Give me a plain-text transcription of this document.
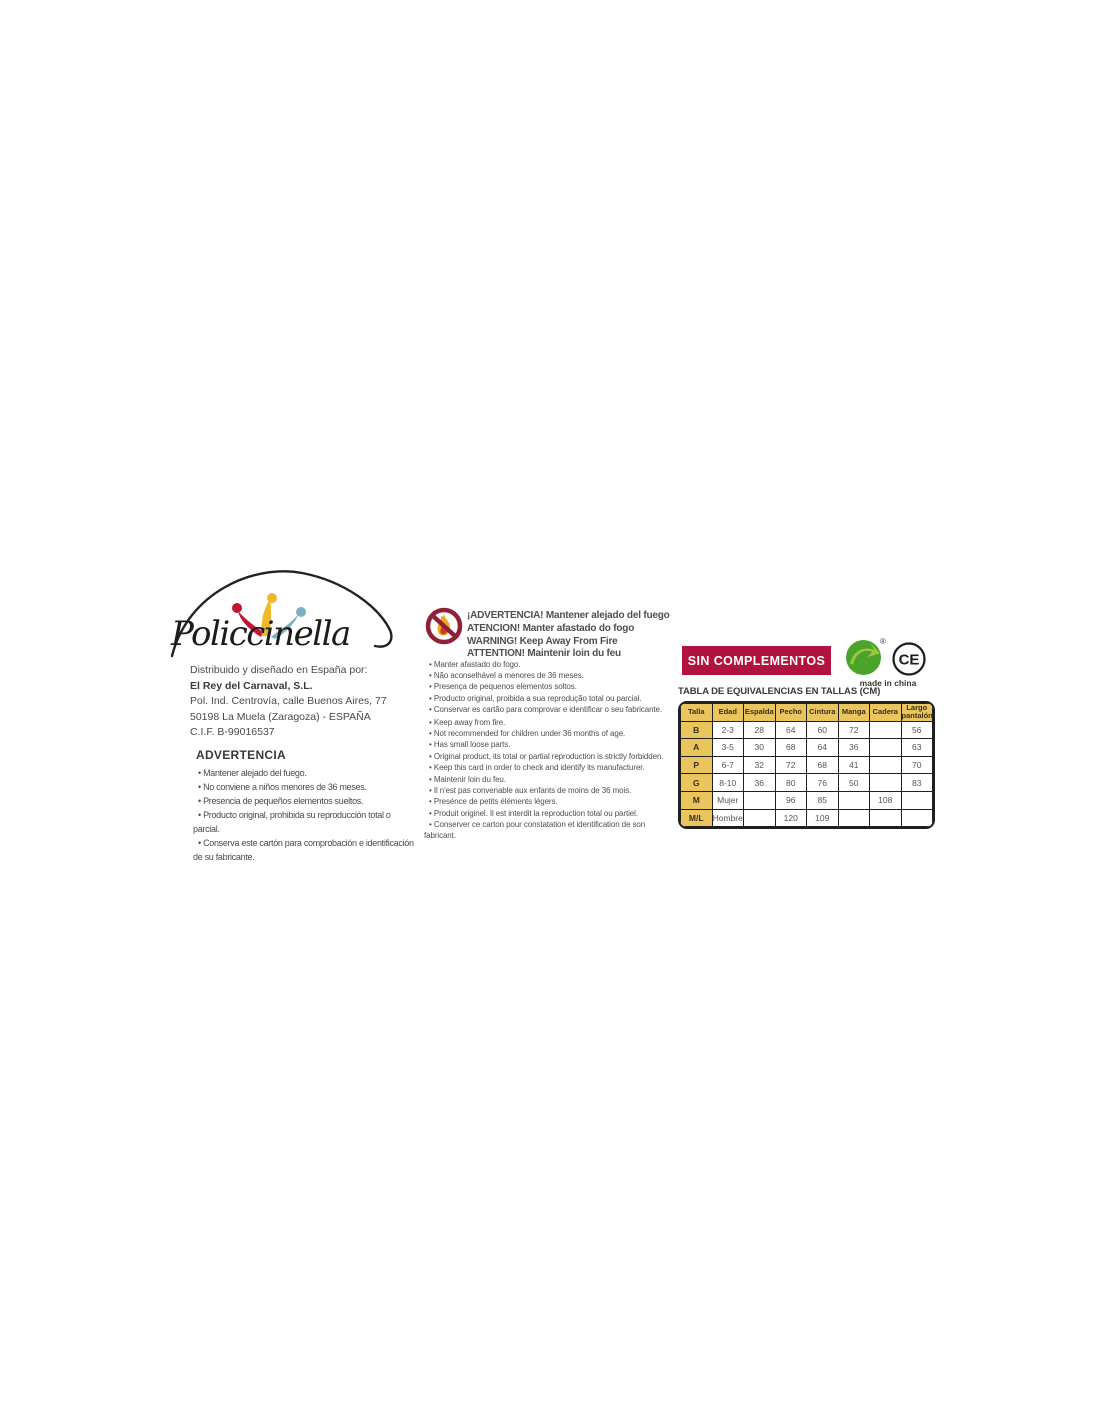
Policcinella
Distribuido y diseñado en España por:
El Rey del Carnaval, S.L.
Pol. Ind. Centrovía, calle Buenos Aires, 77
50198 La Muela (Zaragoza) - ESPAÑA
C.I.F. B-99016537
ADVERTENCIA
• Mantener alejado del fuego.
• No conviene a niños menores de 36 meses.
• Presencia de pequeños elementos sueltos.
• Producto original, prohibida su reproducción total o parcial.
• Conserva este cartón para comprobación e identificación de su fabricante.
¡ADVERTENCIA! Mantener alejado del fuego
ATENCION! Manter afastado do fogo
WARNING! Keep Away From Fire
ATTENTION! Maintenir loin du feu
• Manter afastado do fogo.
• Não aconselhável a menores de 36 meses.
• Presença de pequenos elementos soltos.
• Producto original, proibida a sua reprodução total ou parcial.
• Conservar es cartão para comprovar e identificar o seu fabricante.
• Keep away from fire.
• Not recommended for children under 36 months of age.
• Has small loose parts.
• Original product, its total or partial reproduction is strictly forbidden.
• Keep this card in order to check and identify its manufacturer.
• Maintenir loin du feu.
• Il n'est pas convenable aux enfants de moins de 36 mois.
• Presénce de petits éléments légers.
• Produit originel. Il est interdit la reproduction total ou partiel.
• Conserver ce carton pour constatation et identification de son fabricant.
SIN COMPLEMENTOS
®
made in china
CE
TABLA DE EQUIVALENCIAS EN TALLAS (CM)
Talla	Edad	Espalda	Pecho	Cintura	Manga	Cadera	Largo pantalón
B	2-3	28	64	60	72		56
A	3-5	30	68	64	36		63
P	6-7	32	72	68	41		70
G	8-10	36	80	76	50		83
M	Mujer		96	85		108	
M/L	Hombre		120	109			
